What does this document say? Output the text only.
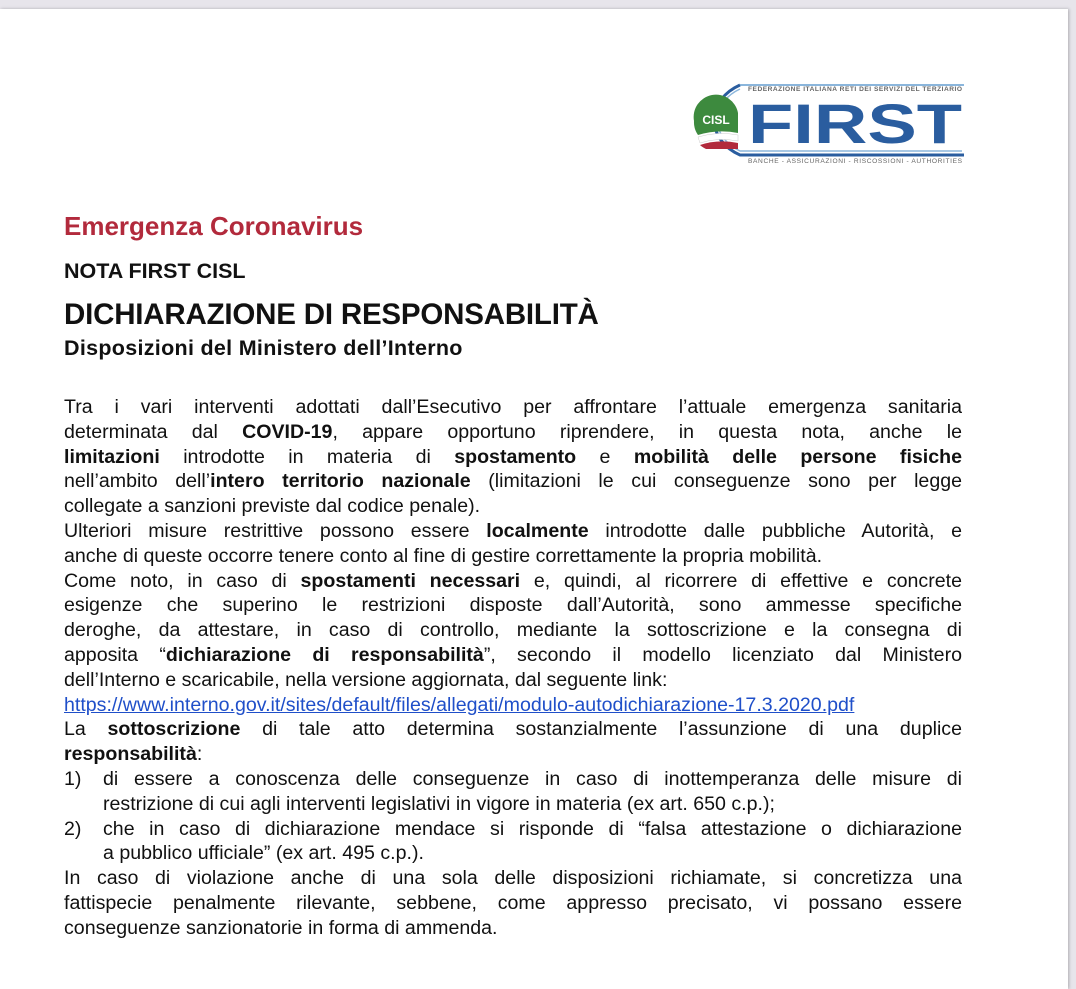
CISL
FEDERAZIONE ITALIANA RETI DEI SERVIZI DEL TERZIARIO
FIRST
BANCHE - ASSICURAZIONI - RISCOSSIONI - AUTHORITIES
Emergenza Coronavirus
NOTA FIRST CISL
DICHIARAZIONE DI RESPONSABILITÀ
Disposizioni del Ministero dell’Interno
Tra i vari interventi adottati dall’Esecutivo per affrontare l’attuale emergenza sanitaria
determinata dal COVID-19, appare opportuno riprendere, in questa nota, anche le
limitazioni introdotte in materia di spostamento e mobilità delle persone fisiche
nell’ambito dell’intero territorio nazionale (limitazioni le cui conseguenze sono per legge
collegate a sanzioni previste dal codice penale).
Ulteriori misure restrittive possono essere localmente introdotte dalle pubbliche Autorità, e
anche di queste occorre tenere conto al fine di gestire correttamente la propria mobilità.
Come noto, in caso di spostamenti necessari e, quindi, al ricorrere di effettive e concrete
esigenze che superino le restrizioni disposte dall’Autorità, sono ammesse specifiche
deroghe, da attestare, in caso di controllo, mediante la sottoscrizione e la consegna di
apposita “dichiarazione di responsabilità”, secondo il modello licenziato dal Ministero
dell’Interno e scaricabile, nella versione aggiornata, dal seguente link:
https://www.interno.gov.it/sites/default/files/allegati/modulo-autodichiarazione-17.3.2020.pdf
La sottoscrizione di tale atto determina sostanzialmente l’assunzione di una duplice
responsabilità:
1) di essere a conoscenza delle conseguenze in caso di inottemperanza delle misure di
restrizione di cui agli interventi legislativi in vigore in materia (ex art. 650 c.p.);
2) che in caso di dichiarazione mendace si risponde di “falsa attestazione o dichiarazione
a pubblico ufficiale” (ex art. 495 c.p.).
In caso di violazione anche di una sola delle disposizioni richiamate, si concretizza una
fattispecie penalmente rilevante, sebbene, come appresso precisato, vi possano essere
conseguenze sanzionatorie in forma di ammenda.
